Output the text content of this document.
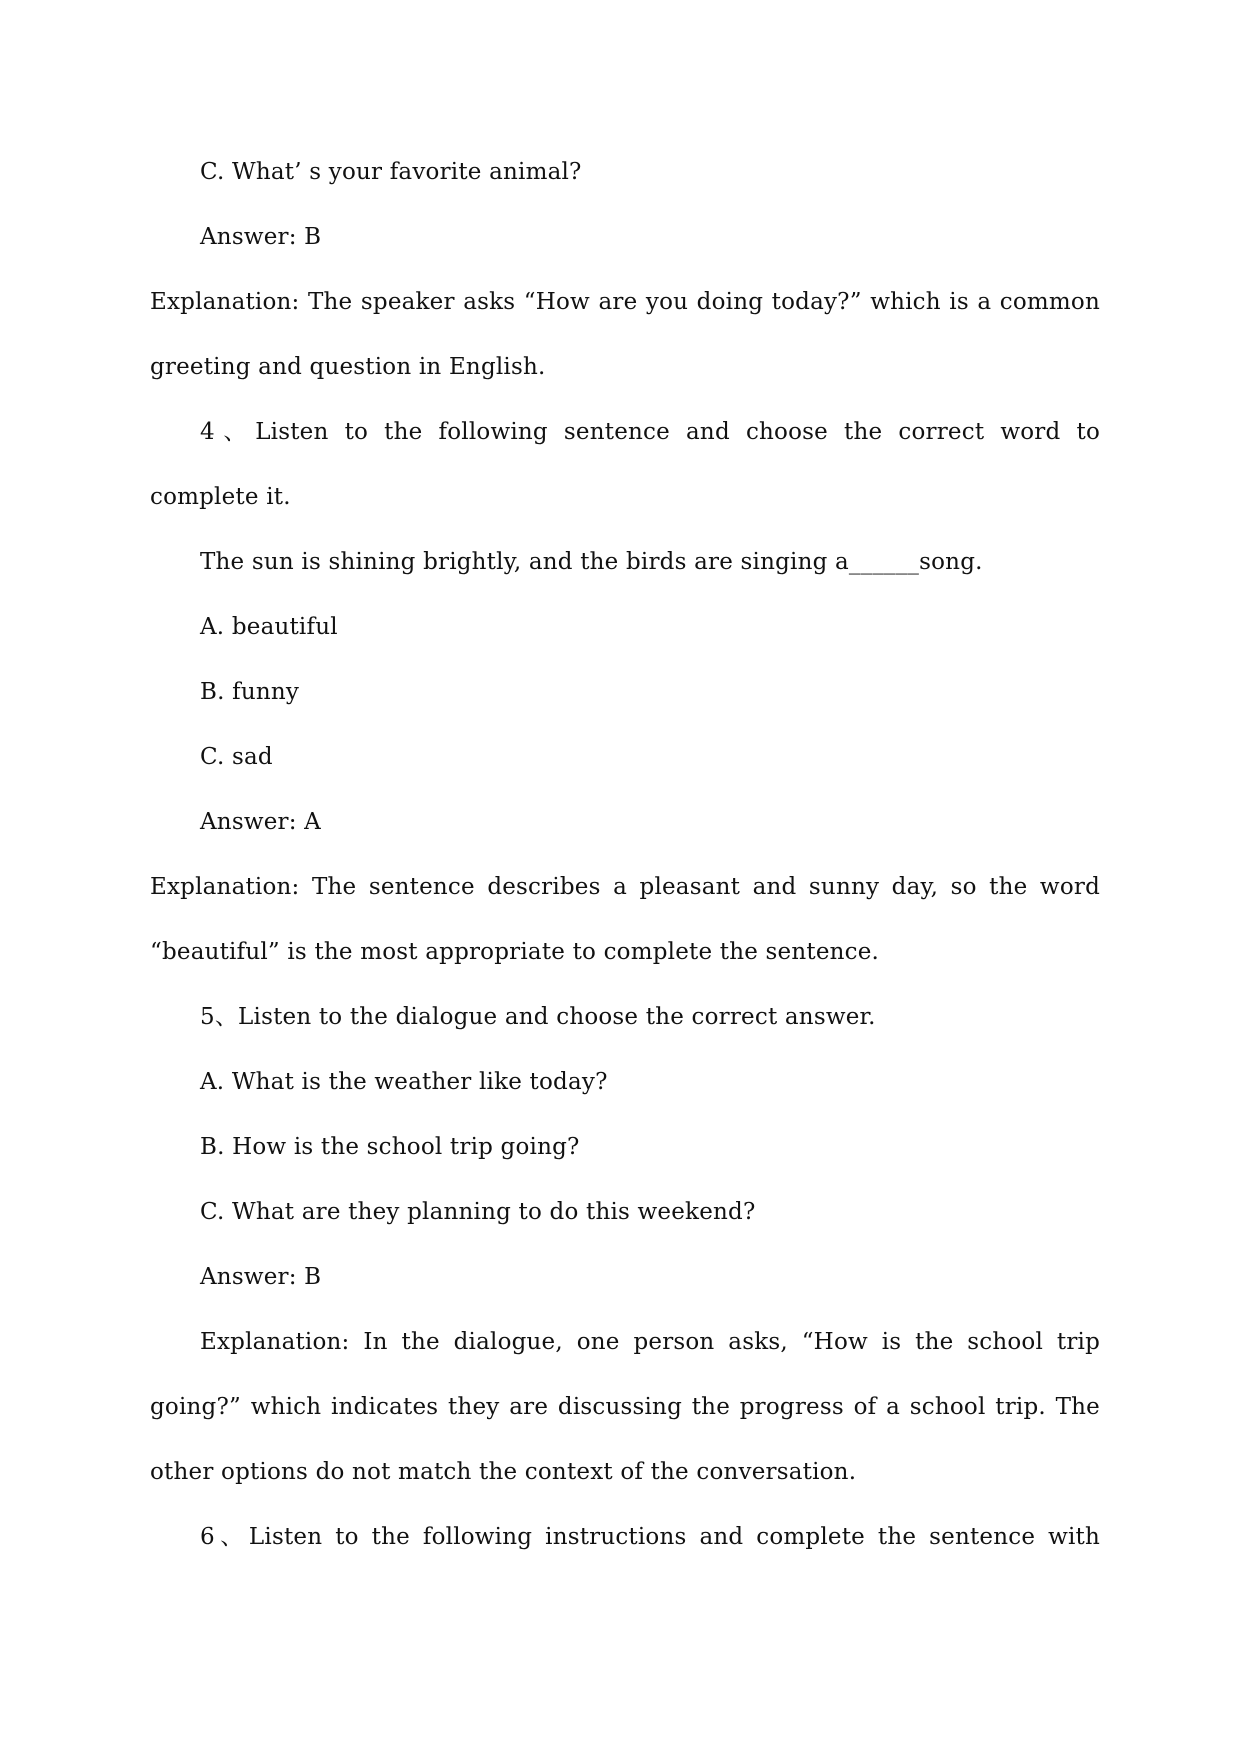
C. What’ s your favorite animal?
Answer: B
Explanation: The speaker asks “How are you doing today?” which is a common
greeting and question in English.
4、Listen to the following sentence and choose the correct word to
complete it.
The sun is shining brightly, and the birds are singing a______song.
A. beautiful
B. funny
C. sad
Answer: A
Explanation: The sentence describes a pleasant and sunny day, so the word
“beautiful” is the most appropriate to complete the sentence.
5、Listen to the dialogue and choose the correct answer.
A. What is the weather like today?
B. How is the school trip going?
C. What are they planning to do this weekend?
Answer: B
Explanation: In the dialogue, one person asks, “How is the school trip
going?” which indicates they are discussing the progress of a school trip. The
other options do not match the context of the conversation.
6、Listen to the following instructions and complete the sentence with
